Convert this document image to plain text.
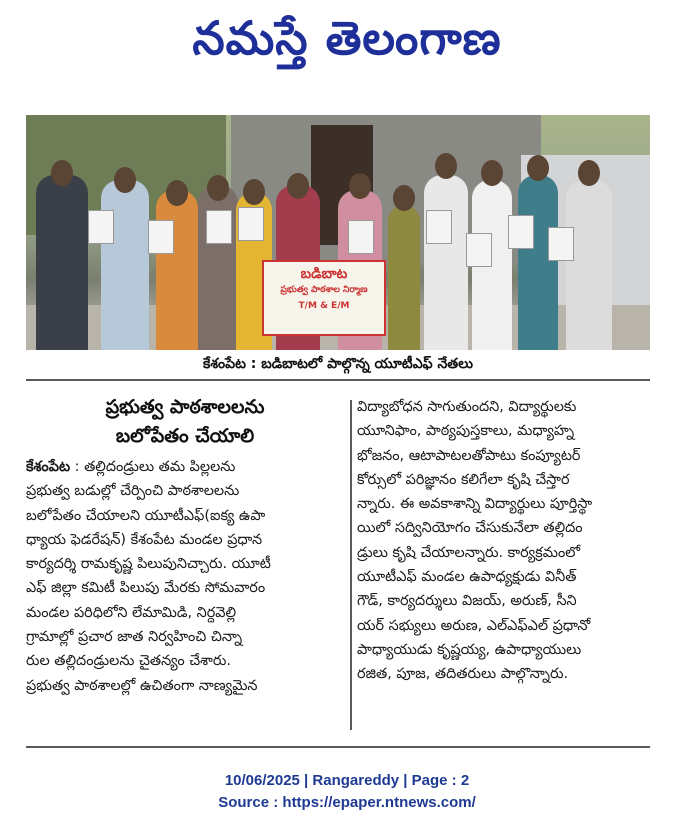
నమస్తే తెలంగాణ
బడిబాట
ప్రభుత్వ పాఠశాల నిర్మాణ
T/M & E/M
కేశంపేట : బడిబాటలో పాల్గొన్న యూటీఎఫ్ నేతలు
ప్రభుత్వ పాఠశాలలను
బలోపేతం చేయాలి
కేశంపేట : తల్లిదండ్రులు తమ పిల్లలను
ప్రభుత్వ బడుల్లో చేర్పించి పాఠశాలలను
బలోపేతం చేయాలని యూటీఎఫ్(ఐక్య ఉపా
ధ్యాయ ఫెడరేషన్) కేశంపేట మండల ప్రధాన
కార్యదర్శి రామకృష్ణ పిలుపునిచ్చారు. యూటీ
ఎఫ్ జిల్లా కమిటీ పిలుపు మేరకు సోమవారం
మండల పరిధిలోని లేమామిడి, నిర్దవెల్లి
గ్రామాల్లో ప్రచార జాత నిర్వహించి చిన్నా
రుల తల్లిదండ్రులను చైతన్యం చేశారు.
ప్రభుత్వ పాఠశాలల్లో ఉచితంగా నాణ్యమైన
విద్యాబోధన సాగుతుందని, విద్యార్థులకు
యూనిఫాం, పాఠ్యపుస్తకాలు, మధ్యాహ్న
భోజనం, ఆటాపాటలతోపాటు కంప్యూటర్
కోర్సులో పరిజ్ఞానం కలిగేలా కృషి చేస్తార
న్నారు. ఈ అవకాశాన్ని విద్యార్థులు పూర్తిస్థా
యిలో సద్వినియోగం చేసుకునేలా తల్లిదం
డ్రులు కృషి చేయాలన్నారు. కార్యక్రమంలో
యూటీఎఫ్ మండల ఉపాధ్యక్షుడు వినీత్
గౌడ్, కార్యదర్శులు విజయ్, అరుణ్, సీని
యర్ సభ్యులు అరుణ, ఎల్‌ఎఫ్‌ఎల్ ప్రధానో
పాధ్యాయుడు కృష్ణయ్య, ఉపాధ్యాయులు
రజిత, పూజ, తదితరులు పాల్గొన్నారు.
10/06/2025 | Rangareddy | Page : 2
Source : https://epaper.ntnews.com/
